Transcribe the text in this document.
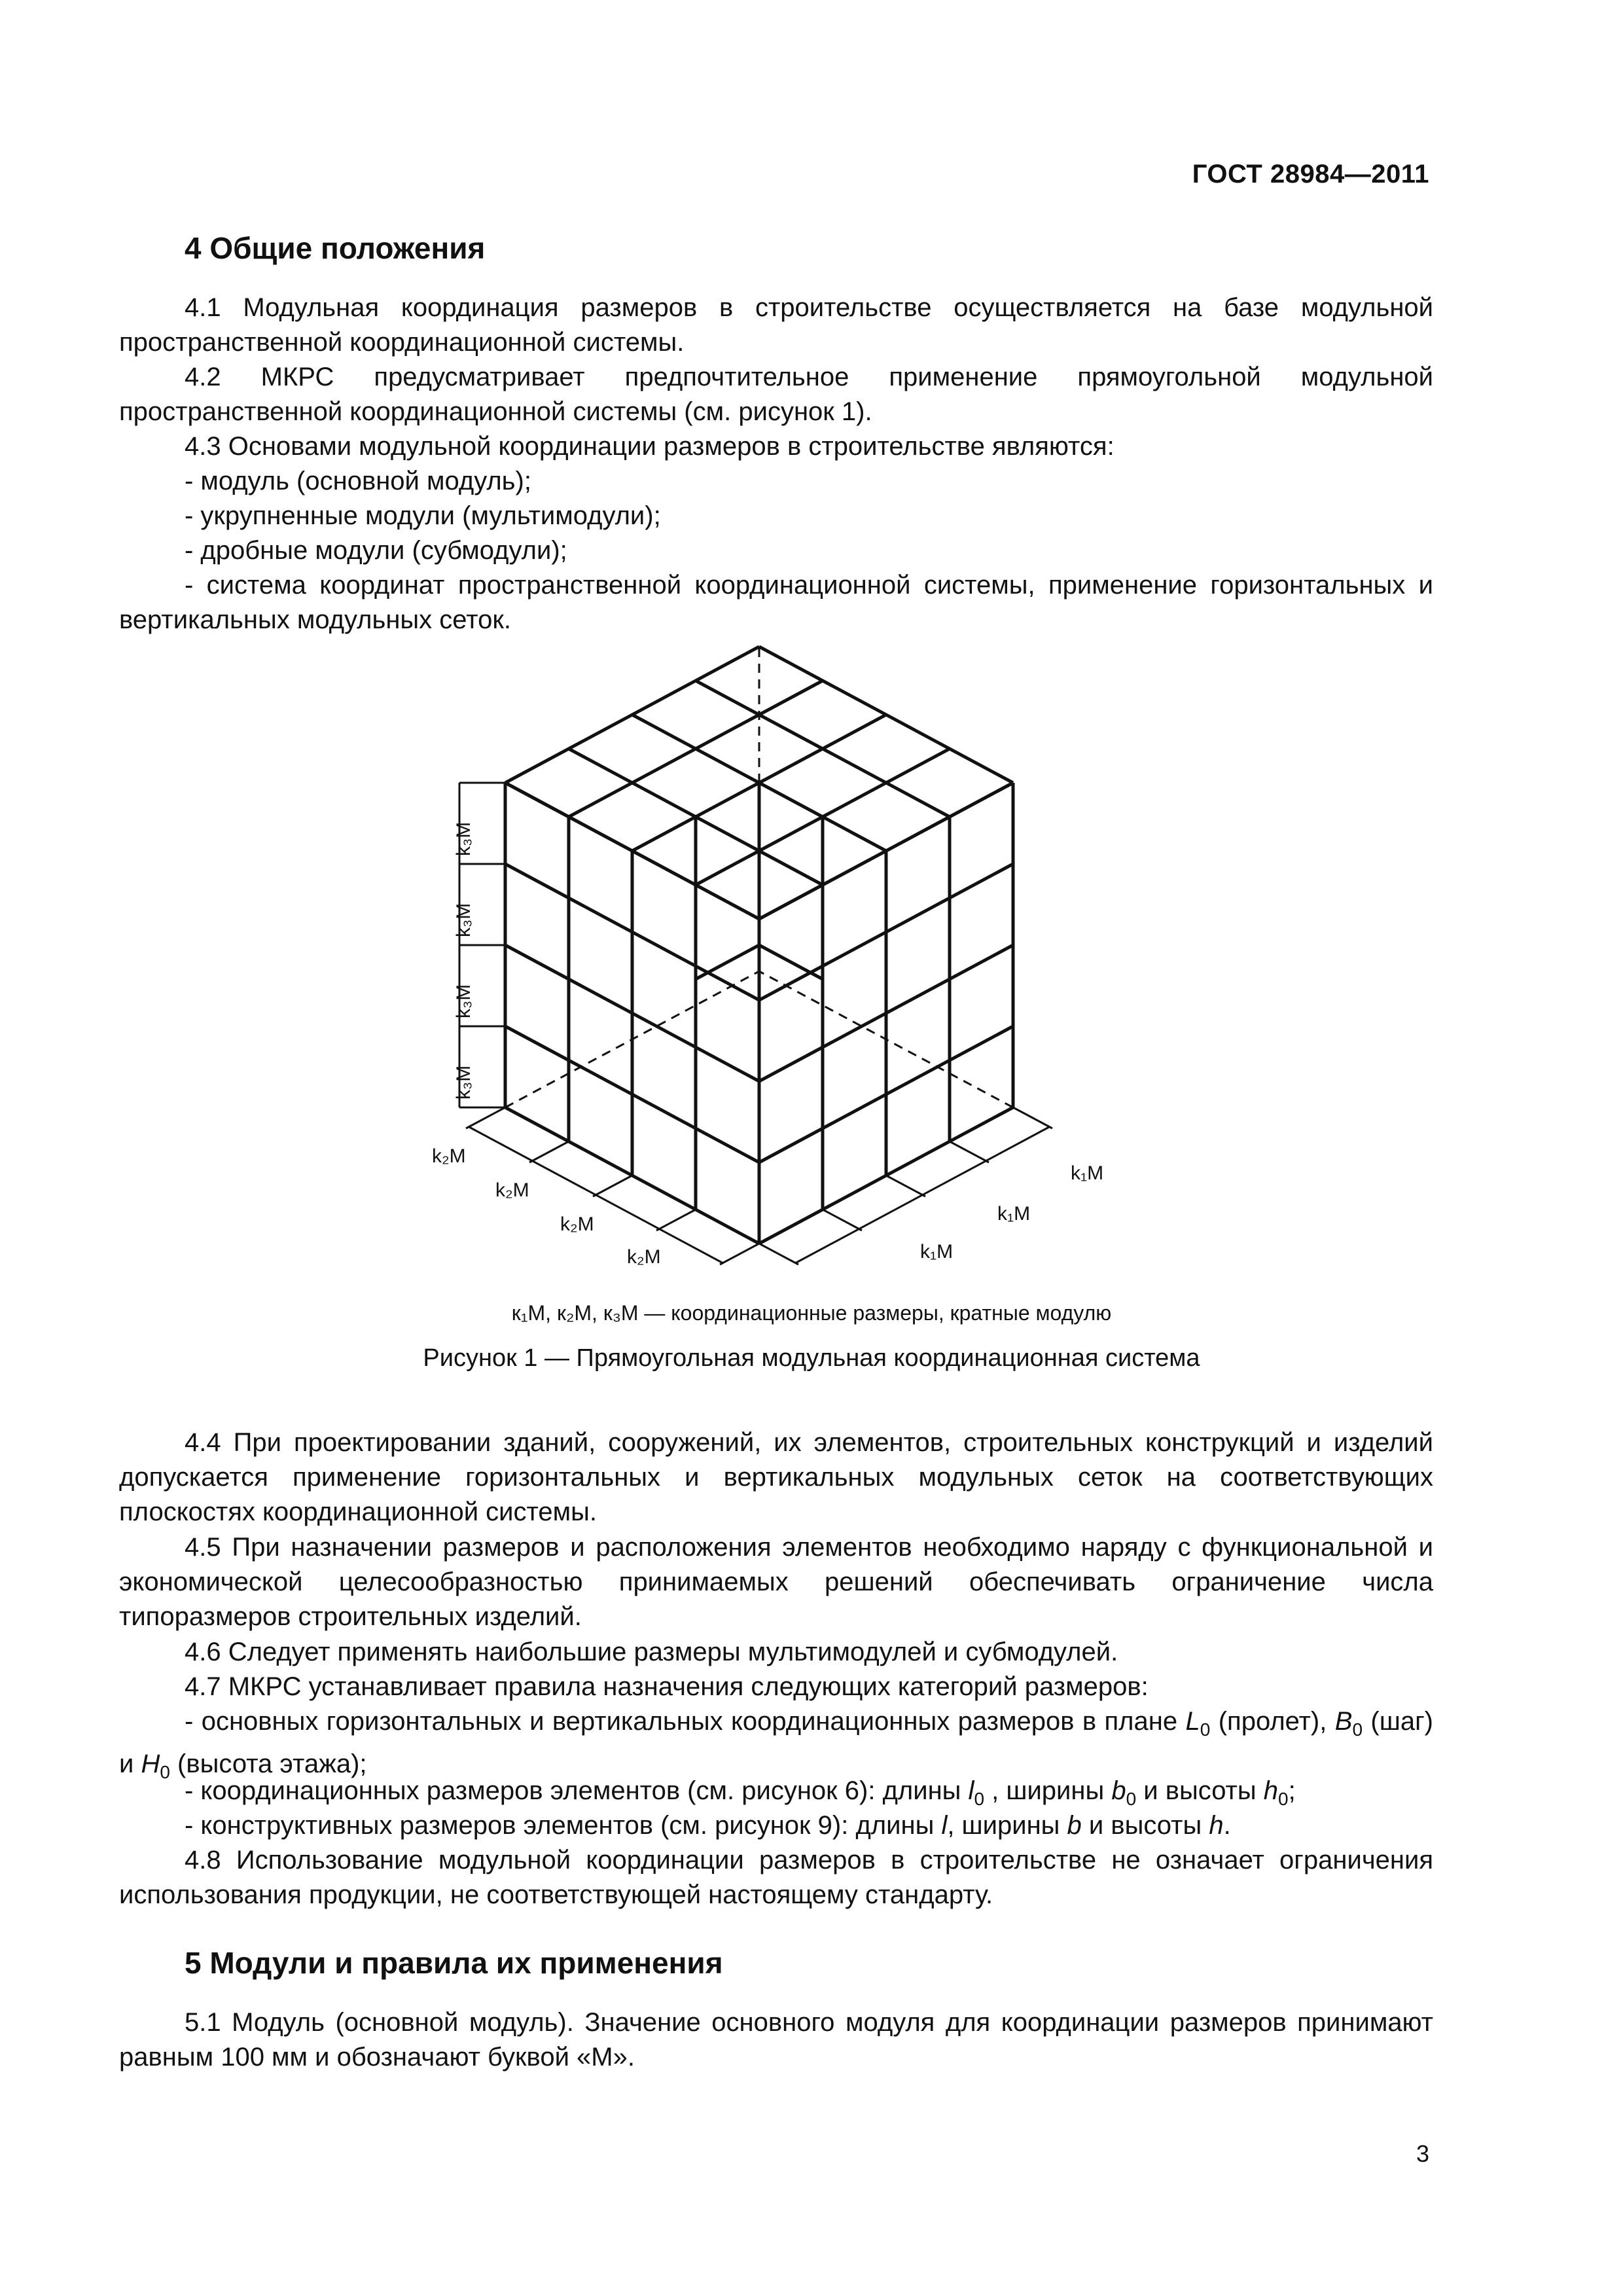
ГОСТ 28984—2011
4 Общие положения

4.1 Модульная координация размеров в строительстве осуществляется на базе модульной пространственной координационной системы.

4.2 МКРС предусматривает предпочтительное применение прямоугольной модульной пространственной координационной системы (см. рисунок 1).

4.3 Основами модульной координации размеров в строительстве являются:

- модуль (основной модуль);

- укрупненные модули (мультимодули);

- дробные модули (субмодули);

- система координат пространственной координационной системы, применение горизонтальных и вертикальных модульных сеток.

k₃M
k₃M
k₃M
k₃M
k₂M
k₂M
k₂M
k₂M
k₁M
k₁M
k₁M
к₁М, к₂М, к₃М — координационные размеры, кратные модулю
Рисунок 1 — Прямоугольная модульная координационная система

4.4 При проектировании зданий, сооружений, их элементов, строительных конструкций и изделий допускается применение горизонтальных и вертикальных модульных сеток на соответствующих плоскостях координационной системы.

4.5 При назначении размеров и расположения элементов необходимо наряду с функциональной и экономической целесообразностью принимаемых решений обеспечивать ограничение числа типоразмеров строительных изделий.

4.6 Следует применять наибольшие размеры мультимодулей и субмодулей.

4.7 МКРС устанавливает правила назначения следующих категорий размеров:

- основных горизонтальных и вертикальных координационных размеров в плане $L_0$ (пролет), $B_0$ (шаг) и $H_0$ (высота этажа);

- координационных размеров элементов (см. рисунок 6): длины $l_0$ , ширины $b_0$ и высоты $h_0$;

- конструктивных размеров элементов (см. рисунок 9): длины l, ширины b и высоты h.

4.8 Использование модульной координации размеров в строительстве не означает ограничения использования продукции, не соответствующей настоящему стандарту.

5 Модули и правила их применения

5.1 Модуль (основной модуль). Значение основного модуля для координации размеров принимают равным 100 мм и обозначают буквой «М».

3
